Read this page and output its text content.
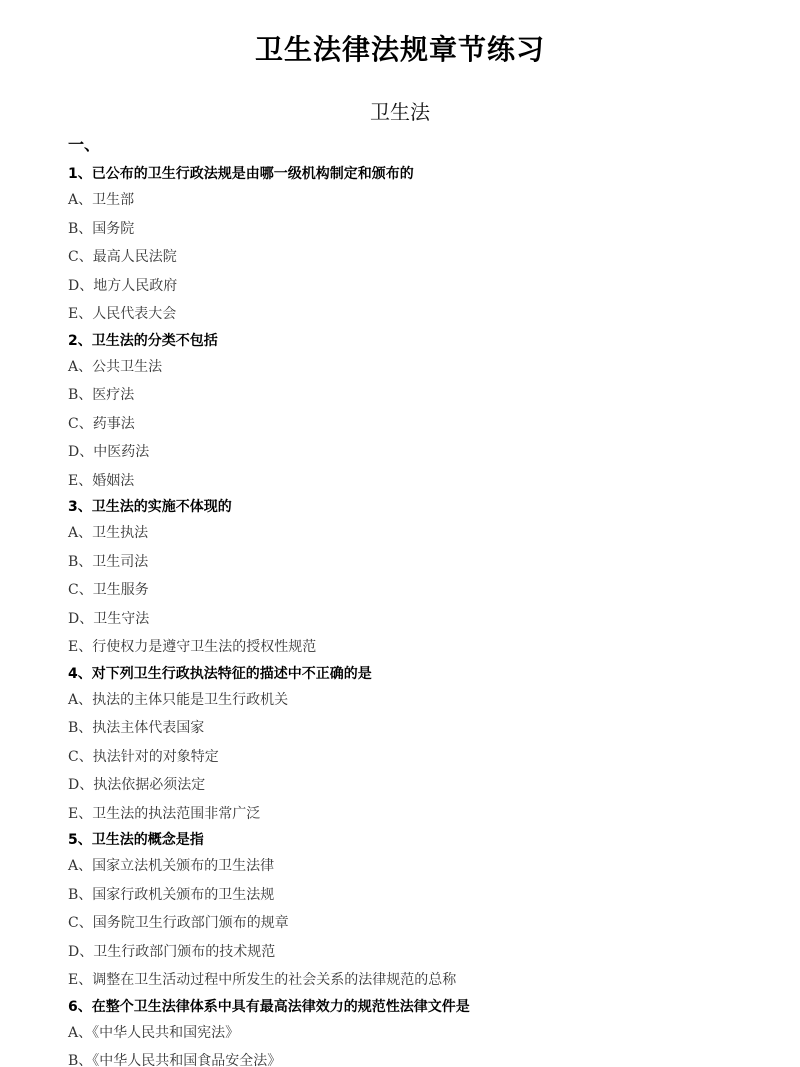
卫生法律法规章节练习
卫生法
一、
1、已公布的卫生行政法规是由哪一级机构制定和颁布的
A、卫生部
B、国务院
C、最高人民法院
D、地方人民政府
E、人民代表大会
2、卫生法的分类不包括
A、公共卫生法
B、医疗法
C、药事法
D、中医药法
E、婚姻法
3、卫生法的实施不体现的
A、卫生执法
B、卫生司法
C、卫生服务
D、卫生守法
E、行使权力是遵守卫生法的授权性规范
4、对下列卫生行政执法特征的描述中不正确的是
A、执法的主体只能是卫生行政机关
B、执法主体代表国家
C、执法针对的对象特定
D、执法依据必须法定
E、卫生法的执法范围非常广泛
5、卫生法的概念是指
A、国家立法机关颁布的卫生法律
B、国家行政机关颁布的卫生法规
C、国务院卫生行政部门颁布的规章
D、卫生行政部门颁布的技术规范
E、调整在卫生活动过程中所发生的社会关系的法律规范的总称
6、在整个卫生法律体系中具有最高法律效力的规范性法律文件是
A、《中华人民共和国宪法》
B、《中华人民共和国食品安全法》
